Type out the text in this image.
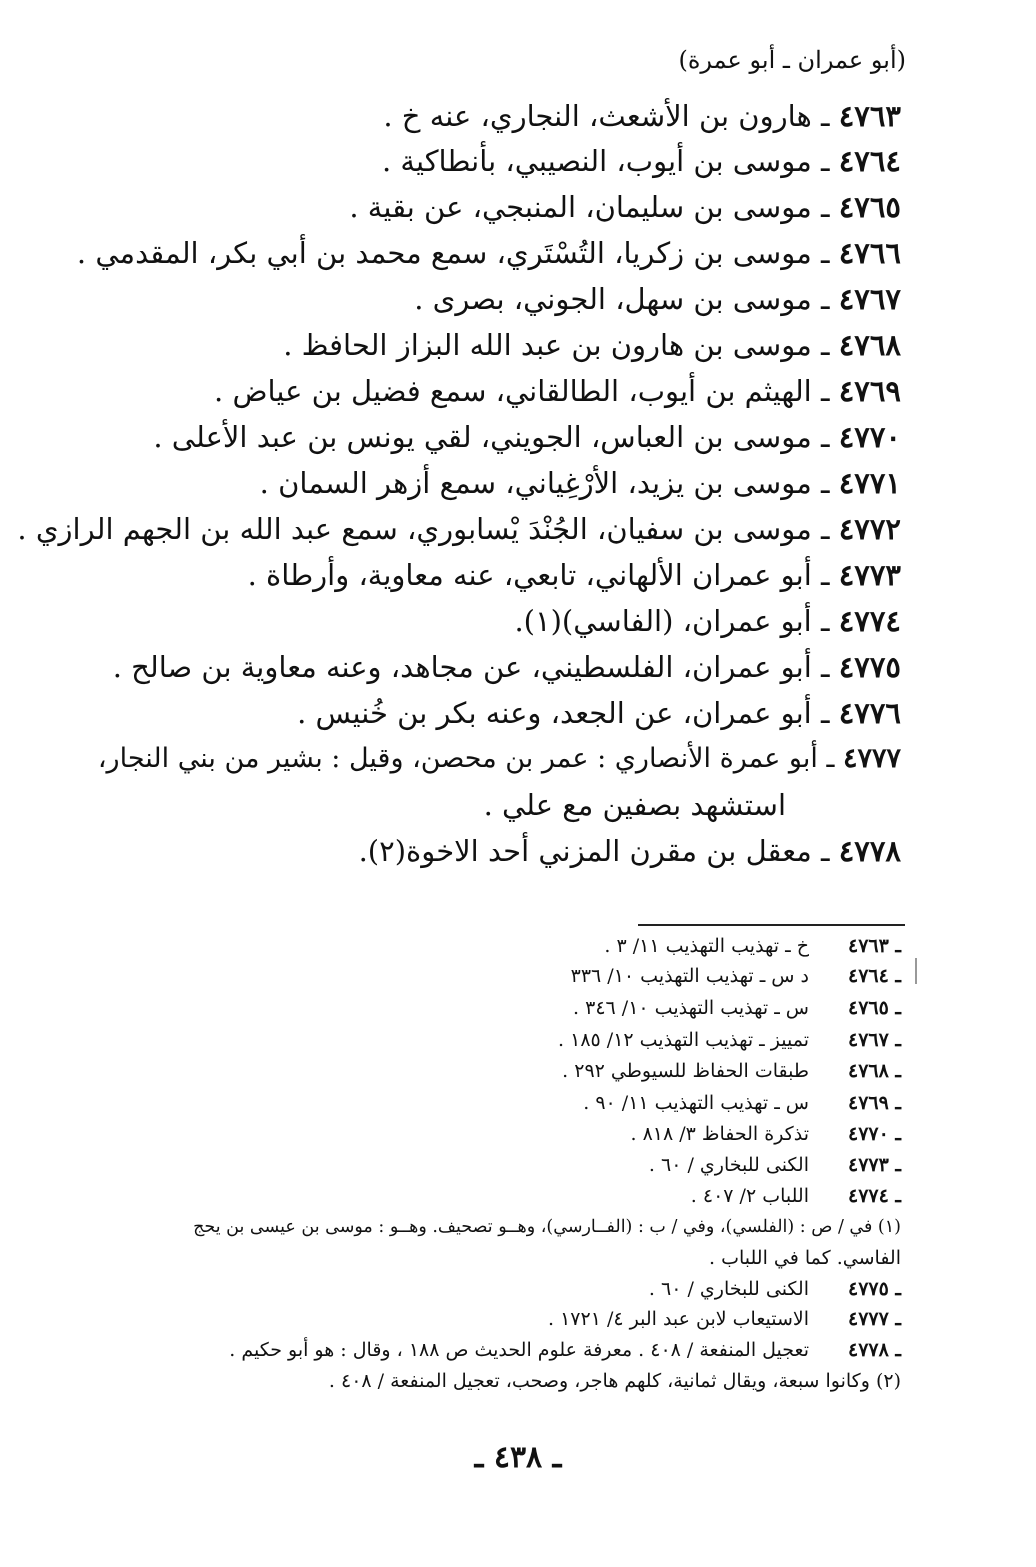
(أبو عمران ـ أبو عمرة)
٤٧٦٣ ـ هارون بن الأشعث، النجاري، عنه خ .
٤٧٦٤ ـ موسى بن أيوب، النصيبي، بأنطاكية .
٤٧٦٥ ـ موسى بن سليمان، المنبجي، عن بقية .
٤٧٦٦ ـ موسى بن زكريا، التُسْتَري، سمع محمد بن أبي بكر، المقدمي .
٤٧٦٧ ـ موسى بن سهل، الجوني، بصرى .
٤٧٦٨ ـ موسى بن هارون بن عبد الله البزاز الحافظ .
٤٧٦٩ ـ الهيثم بن أيوب، الطالقاني، سمع فضيل بن عياض .
٤٧٧٠ ـ موسى بن العباس، الجويني، لقي يونس بن عبد الأعلى .
٤٧٧١ ـ موسى بن يزيد، الأرْغِياني، سمع أزهر السمان .
٤٧٧٢ ـ موسى بن سفيان، الجُنْدَ يْسابوري، سمع عبد الله بن الجهم الرازي .
٤٧٧٣ ـ أبو عمران الألهاني، تابعي، عنه معاوية، وأرطاة .
٤٧٧٤ ـ أبو عمران، (الفاسي)(١).
٤٧٧٥ ـ أبو عمران، الفلسطيني، عن مجاهد، وعنه معاوية بن صالح .
٤٧٧٦ ـ أبو عمران، عن الجعد، وعنه بكر بن خُنيس .
٤٧٧٧ ـ أبو عمرة الأنصاري : عمر بن محصن، وقيل : بشير من بني النجار،
استشهد بصفين مع علي .
٤٧٧٨ ـ معقل بن مقرن المزني أحد الاخوة(٢).
ـ ٤٧٦٣خ ـ تهذيب التهذيب ١١/ ٣ .
ـ ٤٧٦٤د س ـ تهذيب التهذيب ١٠/ ٣٣٦
ـ ٤٧٦٥س ـ تهذيب التهذيب ١٠/ ٣٤٦ .
ـ ٤٧٦٧تمييز ـ تهذيب التهذيب ١٢/ ١٨٥ .
ـ ٤٧٦٨طبقات الحفاظ للسيوطي ٢٩٢ .
ـ ٤٧٦٩س ـ تهذيب التهذيب ١١/ ٩٠ .
ـ ٤٧٧٠تذكرة الحفاظ ٣/ ٨١٨ .
ـ ٤٧٧٣الكنى للبخاري / ٦٠ .
ـ ٤٧٧٤اللباب ٢/ ٤٠٧ .
(١) في / ص : (الفلسي)، وفي / ب : (الفــارسي)، وهــو تصحيف. وهــو : موسى بن عيسى بن يحج
الفاسي. كما في اللباب .
ـ ٤٧٧٥الكنى للبخاري / ٦٠ .
ـ ٤٧٧٧الاستيعاب لابن عبد البر ٤/ ١٧٢١ .
ـ ٤٧٧٨تعجيل المنفعة / ٤٠٨ . معرفة علوم الحديث ص ١٨٨ ، وقال : هو أبو حكيم .
(٢) وكانوا سبعة، ويقال ثمانية، كلهم هاجر، وصحب، تعجيل المنفعة / ٤٠٨ .
ـ ٤٣٨ ـ
